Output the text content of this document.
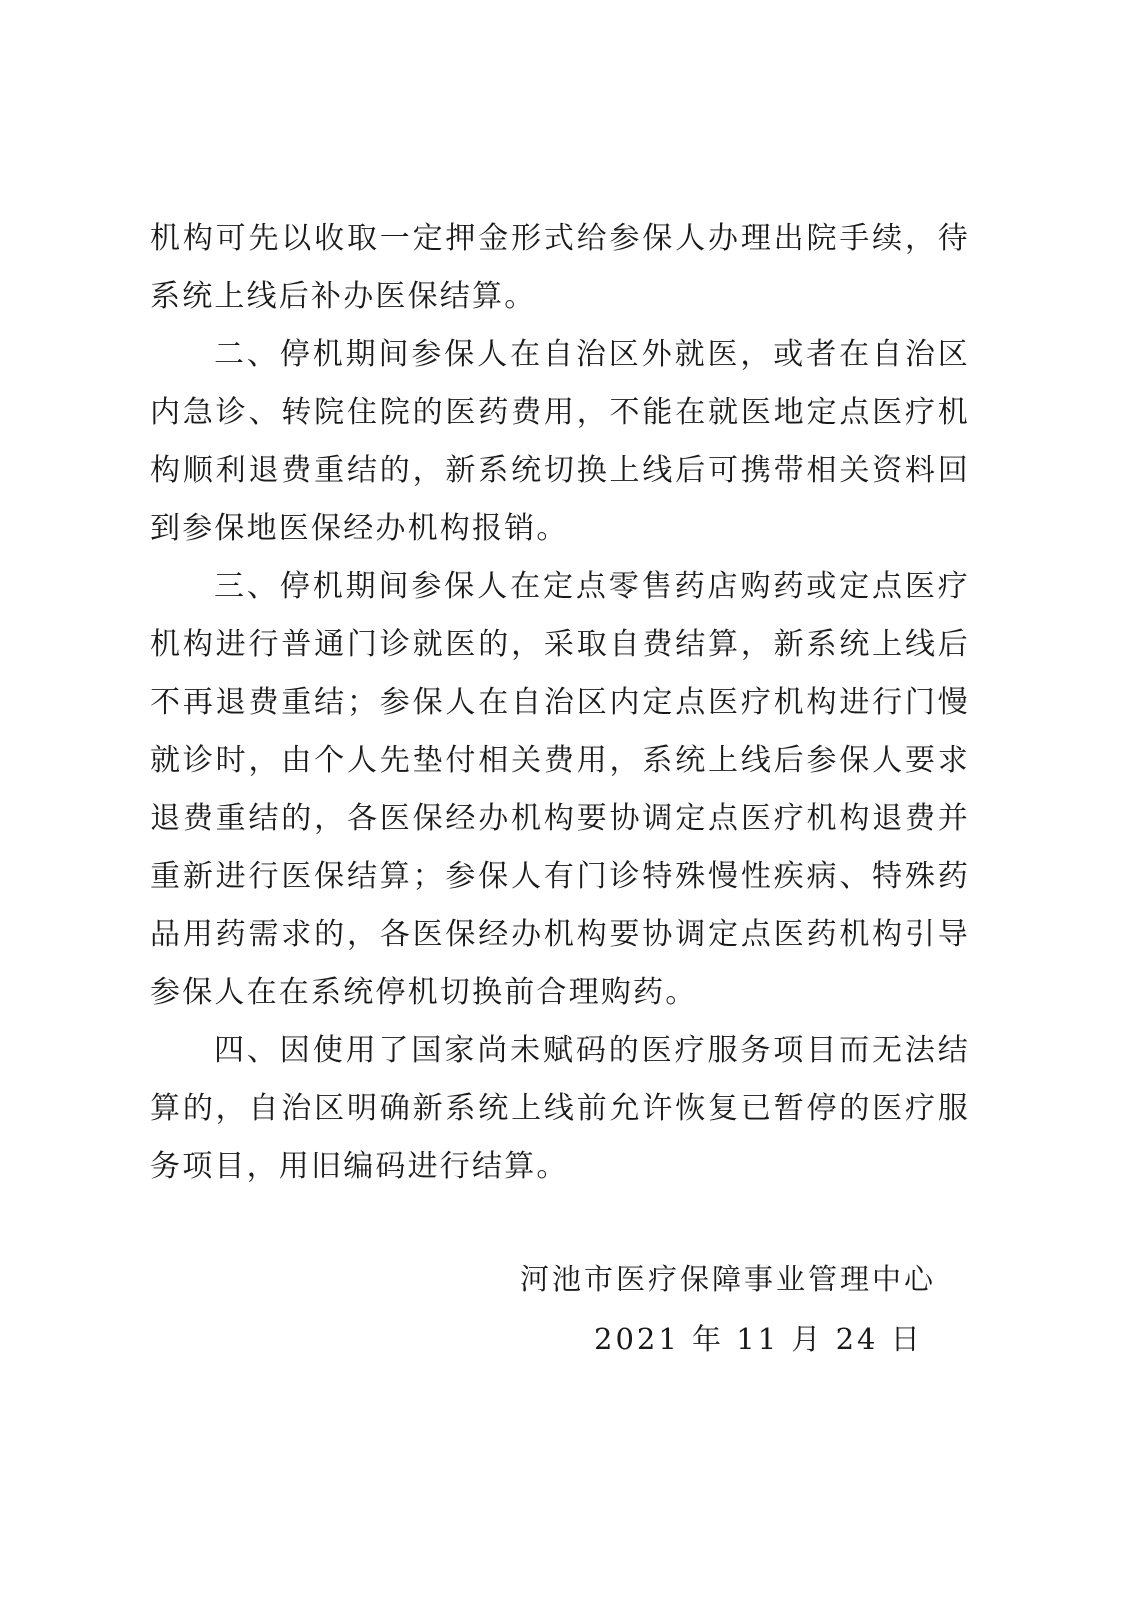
机构可先以收取一定押金形式给参保人办理出院手续，待系统上线后补办医保结算。

二、停机期间参保人在自治区外就医，或者在自治区内急诊、转院住院的医药费用，不能在就医地定点医疗机构顺利退费重结的，新系统切换上线后可携带相关资料回到参保地医保经办机构报销。

三、停机期间参保人在定点零售药店购药或定点医疗机构进行普通门诊就医的，采取自费结算，新系统上线后不再退费重结；参保人在自治区内定点医疗机构进行门慢就诊时，由个人先垫付相关费用，系统上线后参保人要求退费重结的，各医保经办机构要协调定点医疗机构退费并重新进行医保结算；参保人有门诊特殊慢性疾病、特殊药品用药需求的，各医保经办机构要协调定点医药机构引导参保人在在系统停机切换前合理购药。

四、因使用了国家尚未赋码的医疗服务项目而无法结算的，自治区明确新系统上线前允许恢复已暂停的医疗服务项目，用旧编码进行结算。

河池市医疗保障事业管理中心
2021 年 11 月 24 日
